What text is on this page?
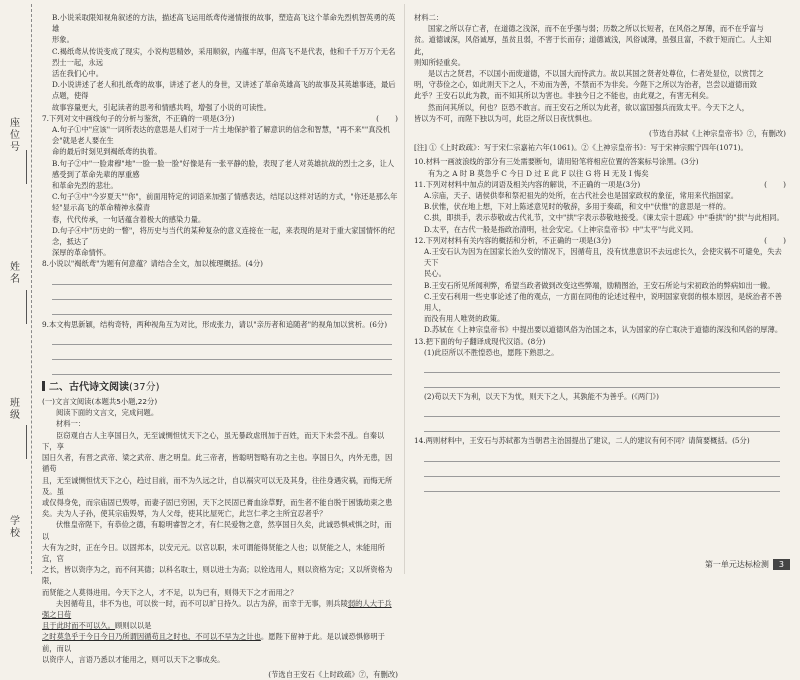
座位号
姓名
班级
学校

B.小说采取限知视角叙述的方法，描述高飞运用纸鸢传递情报的故事，塑造高飞这个革命先烈机智英勇的英雄

形象。

C.褐纸鸢从传说变成了现实，小说构思精妙，采用顺叙，内蕴丰厚，但高飞不是代表，他和千千万万个无名烈士一起，永远

活在我们心中。

D.小说讲述了老人和扎纸鸢的故事，讲述了老人的身世，又讲述了革命英雄高飞的故事及其英雄事迹，最后点题，使得

故事容量更大，引起读者的思考和情感共鸣，增强了小说的可读性。

7.下列对文中画线句子的分析与鉴赏，不正确的一项是(3分)	(       )

A.句子①中"应该"一词所表达的意思是人们对于一片土地保护着了解意识的信念和智慧，"再不来""真没机会"就是老人要在生

命的最后时刻见到褐纸鸢的执着。

B.句子②中"一脸肃穆"地"一脸一脸一脸"好像是有一张平静的脸，表现了老人对英雄抗战的烈士之多，让人感受到了革命先辈的厚重感

和革命先烈的悲壮。

C.句子③中"今岁夏天""你"，前面用特定的词语来加强了情感表达，结尾以这样对话的方式，"你还是那么年轻"显示高飞的革命精神永葆青

春，代代传承，一句话蕴含着极大的感染力量。

D.句子④中"历史的一瞥"，将历史与当代的某种复杂的意义连接在一起，来表现的是对于重大家国情怀的纪念，抵达了

深厚的革命情怀。

8.小说以"褐纸鸢"为题有何意蕴？请结合全文，加以梳理概括。(4分)

9.本文构思新颖，结构奇特，两种视角互为对比，形成张力，请以"亲历者和追随者"的视角加以赏析。(6分)

二、古代诗文阅读(37分)

(一)文言文阅读(本题共5小题,22分)

阅读下面的文言文，完成问题。

材料一：

臣窃观自古人主享国日久，无至诚恻怛忧天下之心，虽无暴政虐刑加于百姓，而天下未尝不乱。自秦以下，享

国日久者，有晋之武帝、梁之武帝、唐之明皇。此三帝者，皆聪明智略有功之主也。享国日久，内外无患，因循苟

且，无至诚恻怛忧天下之心，趋过目前，而不为久远之计，自以祸灾可以无及其身，往往身遇灾祸，而悔无所及。虽

或仅得身免，而宗庙固已毁辱，而妻子固已穷困，天下之民固已膏血涂草野，而生者不能自脱于困饿劫束之患

矣。夫为人子孙，使其宗庙毁辱，为人父母，使其比屋死亡，此岂仁孝之主所宜忍者乎？

伏惟皇帝陛下，有恭俭之德，有聪明睿智之才，有仁民爱物之意，然享国日久矣，此诚恐惧戒惧之时，而以

大有为之时，正在今日。以固邦本，以安元元。以官以职，未可谓能得贤能之人也；以贤能之人，未能用所宜，官

之长，皆以资序为之，而不问其德；以科名取士，则以进士为高；以铨选用人，则以资格为定；又以所资格为限，

而贤能之人莫得进用。今天下之人，才不足，以为已有，则得天下之才而用之？

夫因循苟且，非不为也，可以俟一时，而不可以旷日持久。以古为辞，而幸于无事，则兵陵弱的人大于兵强之日苟

且于此时而不可以久。顾则以以是

之时莫急乎于今日今日乃所谓因循苟且之时也，不可以不早为之计也。愿陛下留神于此。是以诚恐惧修明于前，而以

以资序人，言语乃悉以才能用之，则可以天下之事成矣。

(节选自王安石《上时政疏》⑦，有删改)

材料二：

国家之所以存亡者，在道德之浅深，而不在乎强与弱；历数之所以长短者，在风俗之厚薄，而不在乎富与

贫。道德诚深，风俗诚厚，虽贫且弱，不害于长而存；道德诚浅，风俗诚薄，虽强且富，不救于短而亡。人主知此，

则知所轻重矣。

是以古之贤君，不以国小而废道德，不以国大而恃武力。故以其国之贤者处尊位，仁者处显位，以赏罚之

明，守恭俭之心，如此则天下之人，不劝而为善，不禁而不为非矣。今陛下之所以为治者，岂尝以道德而致

此乎？王安石以此为教，而不知其所以为害也。非独今日之不能也，由此观之，有害无利矣。

然而问其所以，何也？臣恐不敢言。而王安石之所以为此者，欲以富国强兵而致太平。今天下之人，

皆以为不可，而陛下独以为可，此臣之所以日夜忧惧也。

(节选自苏轼《上神宗皇帝书》⑦，有删改)

[注] ①《上时政疏》：写于宋仁宗嘉祐六年(1061)。②《上神宗皇帝书》：写于宋神宗熙宁四年(1071)。

10.材料一画波浪线的部分有三处需要断句，请用铅笔将相应位置的答案标号涂黑。(3分)

有为之 A 时 B 莫急乎 C 今日 D 过 E 此 F 以往 G 将 H 无及 I 悔矣

11.下列对材料中加点的词语及相关内容的解说，不正确的一项是(3分)	(       )

A.宗庙，天子、诸侯供奉和祭祀祖先的处所，在古代社会也是国家政权的象征，常用来代指国家。

B.伏惟，伏在地上想，下对上陈述意见时的敬辞，多用于奏疏，和文中"伏惟"的意思是一样的。

C.拱，即拱手，表示恭敬或古代礼节，文中"拱"字表示恭敬地接受。《谏太宗十思疏》中"垂拱"的"拱"与此相同。

D.太平，在古代一般是指政治清明，社会安定。《上神宗皇帝书》中"太平"与此义同。

12.下列对材料有关内容的概括和分析，不正确的一项是(3分)	(       )

A.王安石认为因为在国家长治久安的情况下，因循苟且，没有忧患意识不去远虑长久，会使灾祸不可避免，失去天下

民心。

B.王安石所见所闻利弊，希望当政者做到改变这些弊端，励精图治，王安石所论与宋初政治的弊病如出一辙。

C.王安石利用一些史事论述了他的观点，一方面在同他的论述过程中，说明国家衰弱的根本原因，是统治者不善用人，

而没有用人唯贤的政策。

D.苏轼在《上神宗皇帝书》中提出要以道德风俗为治国之本，认为国家的存亡取决于道德的深浅和风俗的厚薄。

13.把下面的句子翻译成现代汉语。(8分)

(1)此臣所以不胜惶恐也，愿陛下熟思之。

(2)苟以天下为利，以天下为忧，则天下之人，其孰能不为善乎。(《两门》)

14.两则材料中，王安石与苏轼都为当朝君主治国提出了建议，二人的建议有何不同？请简要概括。(5分)

第一单元达标检测	3
